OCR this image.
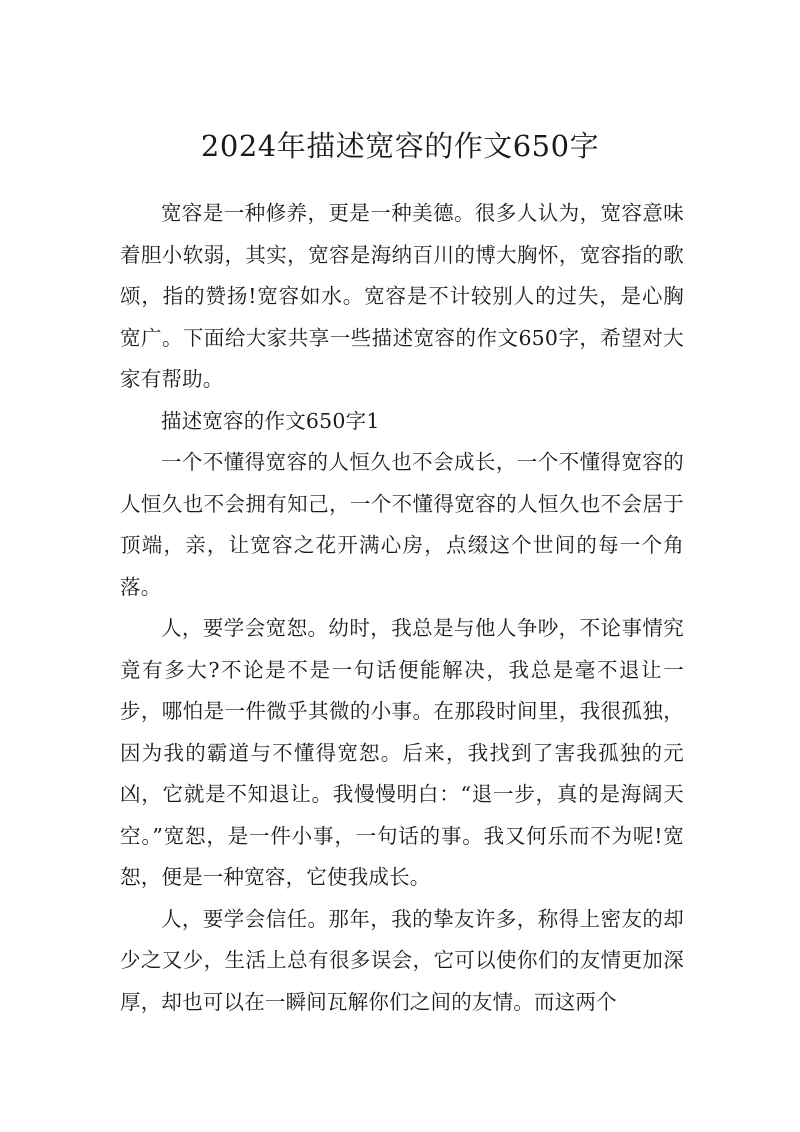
2024年描述宽容的作文650字

宽容是一种修养，更是一种美德。很多人认为，宽容意味着胆小软弱，其实，宽容是海纳百川的博大胸怀，宽容指的歌颂，指的赞扬!宽容如水。宽容是不计较别人的过失，是心胸宽广。下面给大家共享一些描述宽容的作文650字，希望对大家有帮助。

描述宽容的作文650字1

一个不懂得宽容的人恒久也不会成长，一个不懂得宽容的人恒久也不会拥有知己，一个不懂得宽容的人恒久也不会居于顶端，亲，让宽容之花开满心房，点缀这个世间的每一个角落。

人，要学会宽恕。幼时，我总是与他人争吵，不论事情究竟有多大?不论是不是一句话便能解决，我总是毫不退让一步，哪怕是一件微乎其微的小事。在那段时间里，我很孤独，因为我的霸道与不懂得宽恕。后来，我找到了害我孤独的元凶，它就是不知退让。我慢慢明白：“退一步，真的是海阔天空。”宽恕，是一件小事，一句话的事。我又何乐而不为呢!宽恕，便是一种宽容，它使我成长。

人，要学会信任。那年，我的挚友许多，称得上密友的却少之又少，生活上总有很多误会，它可以使你们的友情更加深厚，却也可以在一瞬间瓦解你们之间的友情。而这两个
